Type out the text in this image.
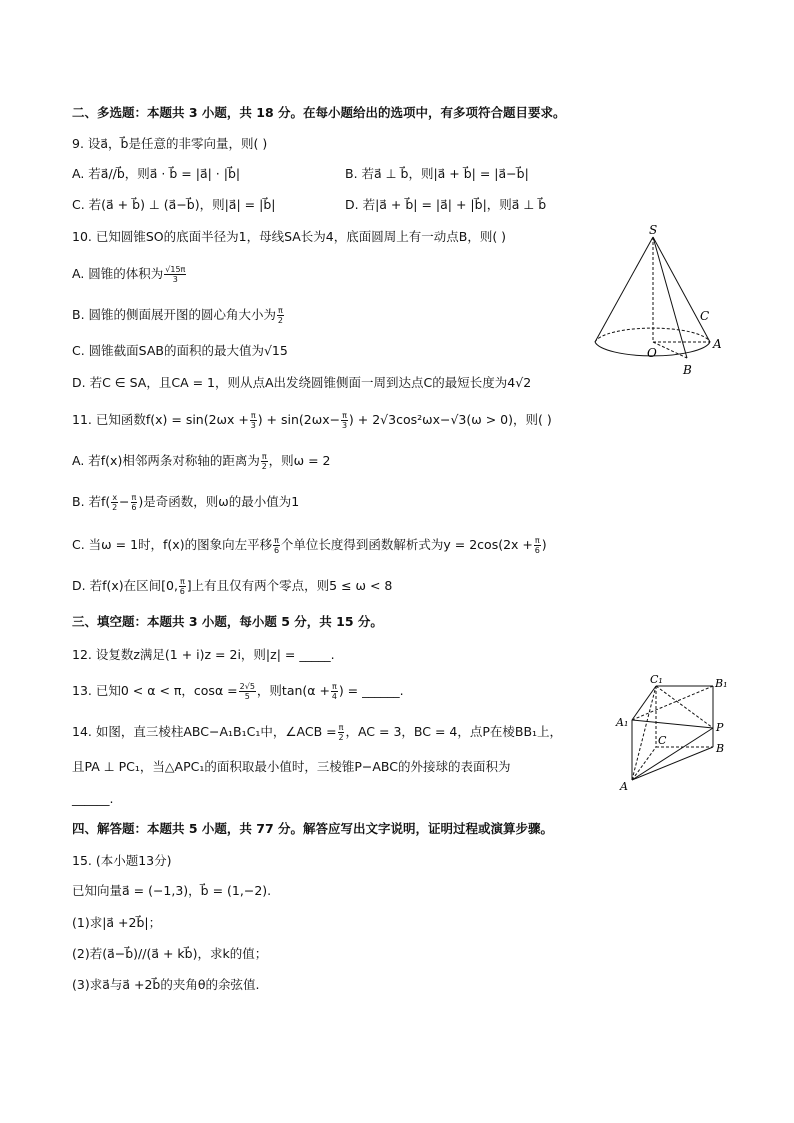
二、多选题：本题共 3 小题，共 18 分。在每小题给出的选项中，有多项符合题目要求。
9. 设a⃗，b⃗是任意的非零向量，则( )
A. 若a⃗//b⃗，则a⃗ · b⃗ = |a⃗| · |b⃗|	B. 若a⃗ ⊥ b⃗，则|a⃗ + b⃗| = |a⃗−b⃗|
C. 若(a⃗ + b⃗) ⊥ (a⃗−b⃗)，则|a⃗| = |b⃗|	D. 若|a⃗ + b⃗| = |a⃗| + |b⃗|，则a⃗ ⊥ b⃗
10. 已知圆锥SO的底面半径为1，母线SA长为4，底面圆周上有一动点B，则( )
A. 圆锥的体积为 $\frac{√15\pi}{3}$
B. 圆锥的侧面展开图的圆心角大小为 $\frac{\pi}{2}$
C. 圆锥截面SAB的面积的最大值为√15
D. 若C ∈ SA，且CA = 1，则从点A出发绕圆锥侧面一周到达点C的最短长度为4√2
S
C
O
A
B
11. 已知函数$f(x) = \sin(2\omega x + \frac{\pi}{3}$ ) + $\sin(2\omega x- \frac{\pi}{3}$ ) + 2√3cos²ωx−√3(ω > 0)，则( )
A. 若f(x)相邻两条对称轴的距离为 $\frac{\pi}{2}$ ，则ω = 2
B. 若$f( \frac{x}{2} - \frac{\pi}{6}$ )是奇函数，则ω的最小值为1
C. 当ω = 1时，f(x)的图象向左平移 $\frac{\pi}{6}$ 个单位长度得到函数解析式为$y = 2\cos(2x + \frac{\pi}{6}$ )
D. 若f(x)在区间[0, $\frac{\pi}{6}$ ]上有且仅有两个零点，则5 ≤ ω < 8
三、填空题：本题共 3 小题，每小题 5 分，共 15 分。
12. 设复数z满足(1 + i)z = 2i，则|z| = _____.
13. 已知0 < α < π，$\cos\alpha = \frac{2√5}{5}$ ，则$\tan(\alpha + \frac{\pi}{4}$ ) = ______.
14. 如图，直三棱柱ABC−A₁B₁C₁中，∠ACB = $\frac{\pi}{2}$ ，AC = 3，BC = 4，点P在棱BB₁上，
且PA ⊥ PC₁，当△APC₁的面积取最小值时，三棱锥P−ABC的外接球的表面积为
______.
C₁	B₁
A₁	P
C
B
A
四、解答题：本题共 5 小题，共 77 分。解答应写出文字说明，证明过程或演算步骤。
15. (本小题13分)
已知向量a⃗ = (−1,3)，b⃗ = (1,−2).
(1)求|a⃗ +2b⃗|；
(2)若(a⃗−b⃗)//(a⃗ + kb⃗)，求k的值；
(3)求a⃗与a⃗ +2b⃗的夹角θ的余弦值.
